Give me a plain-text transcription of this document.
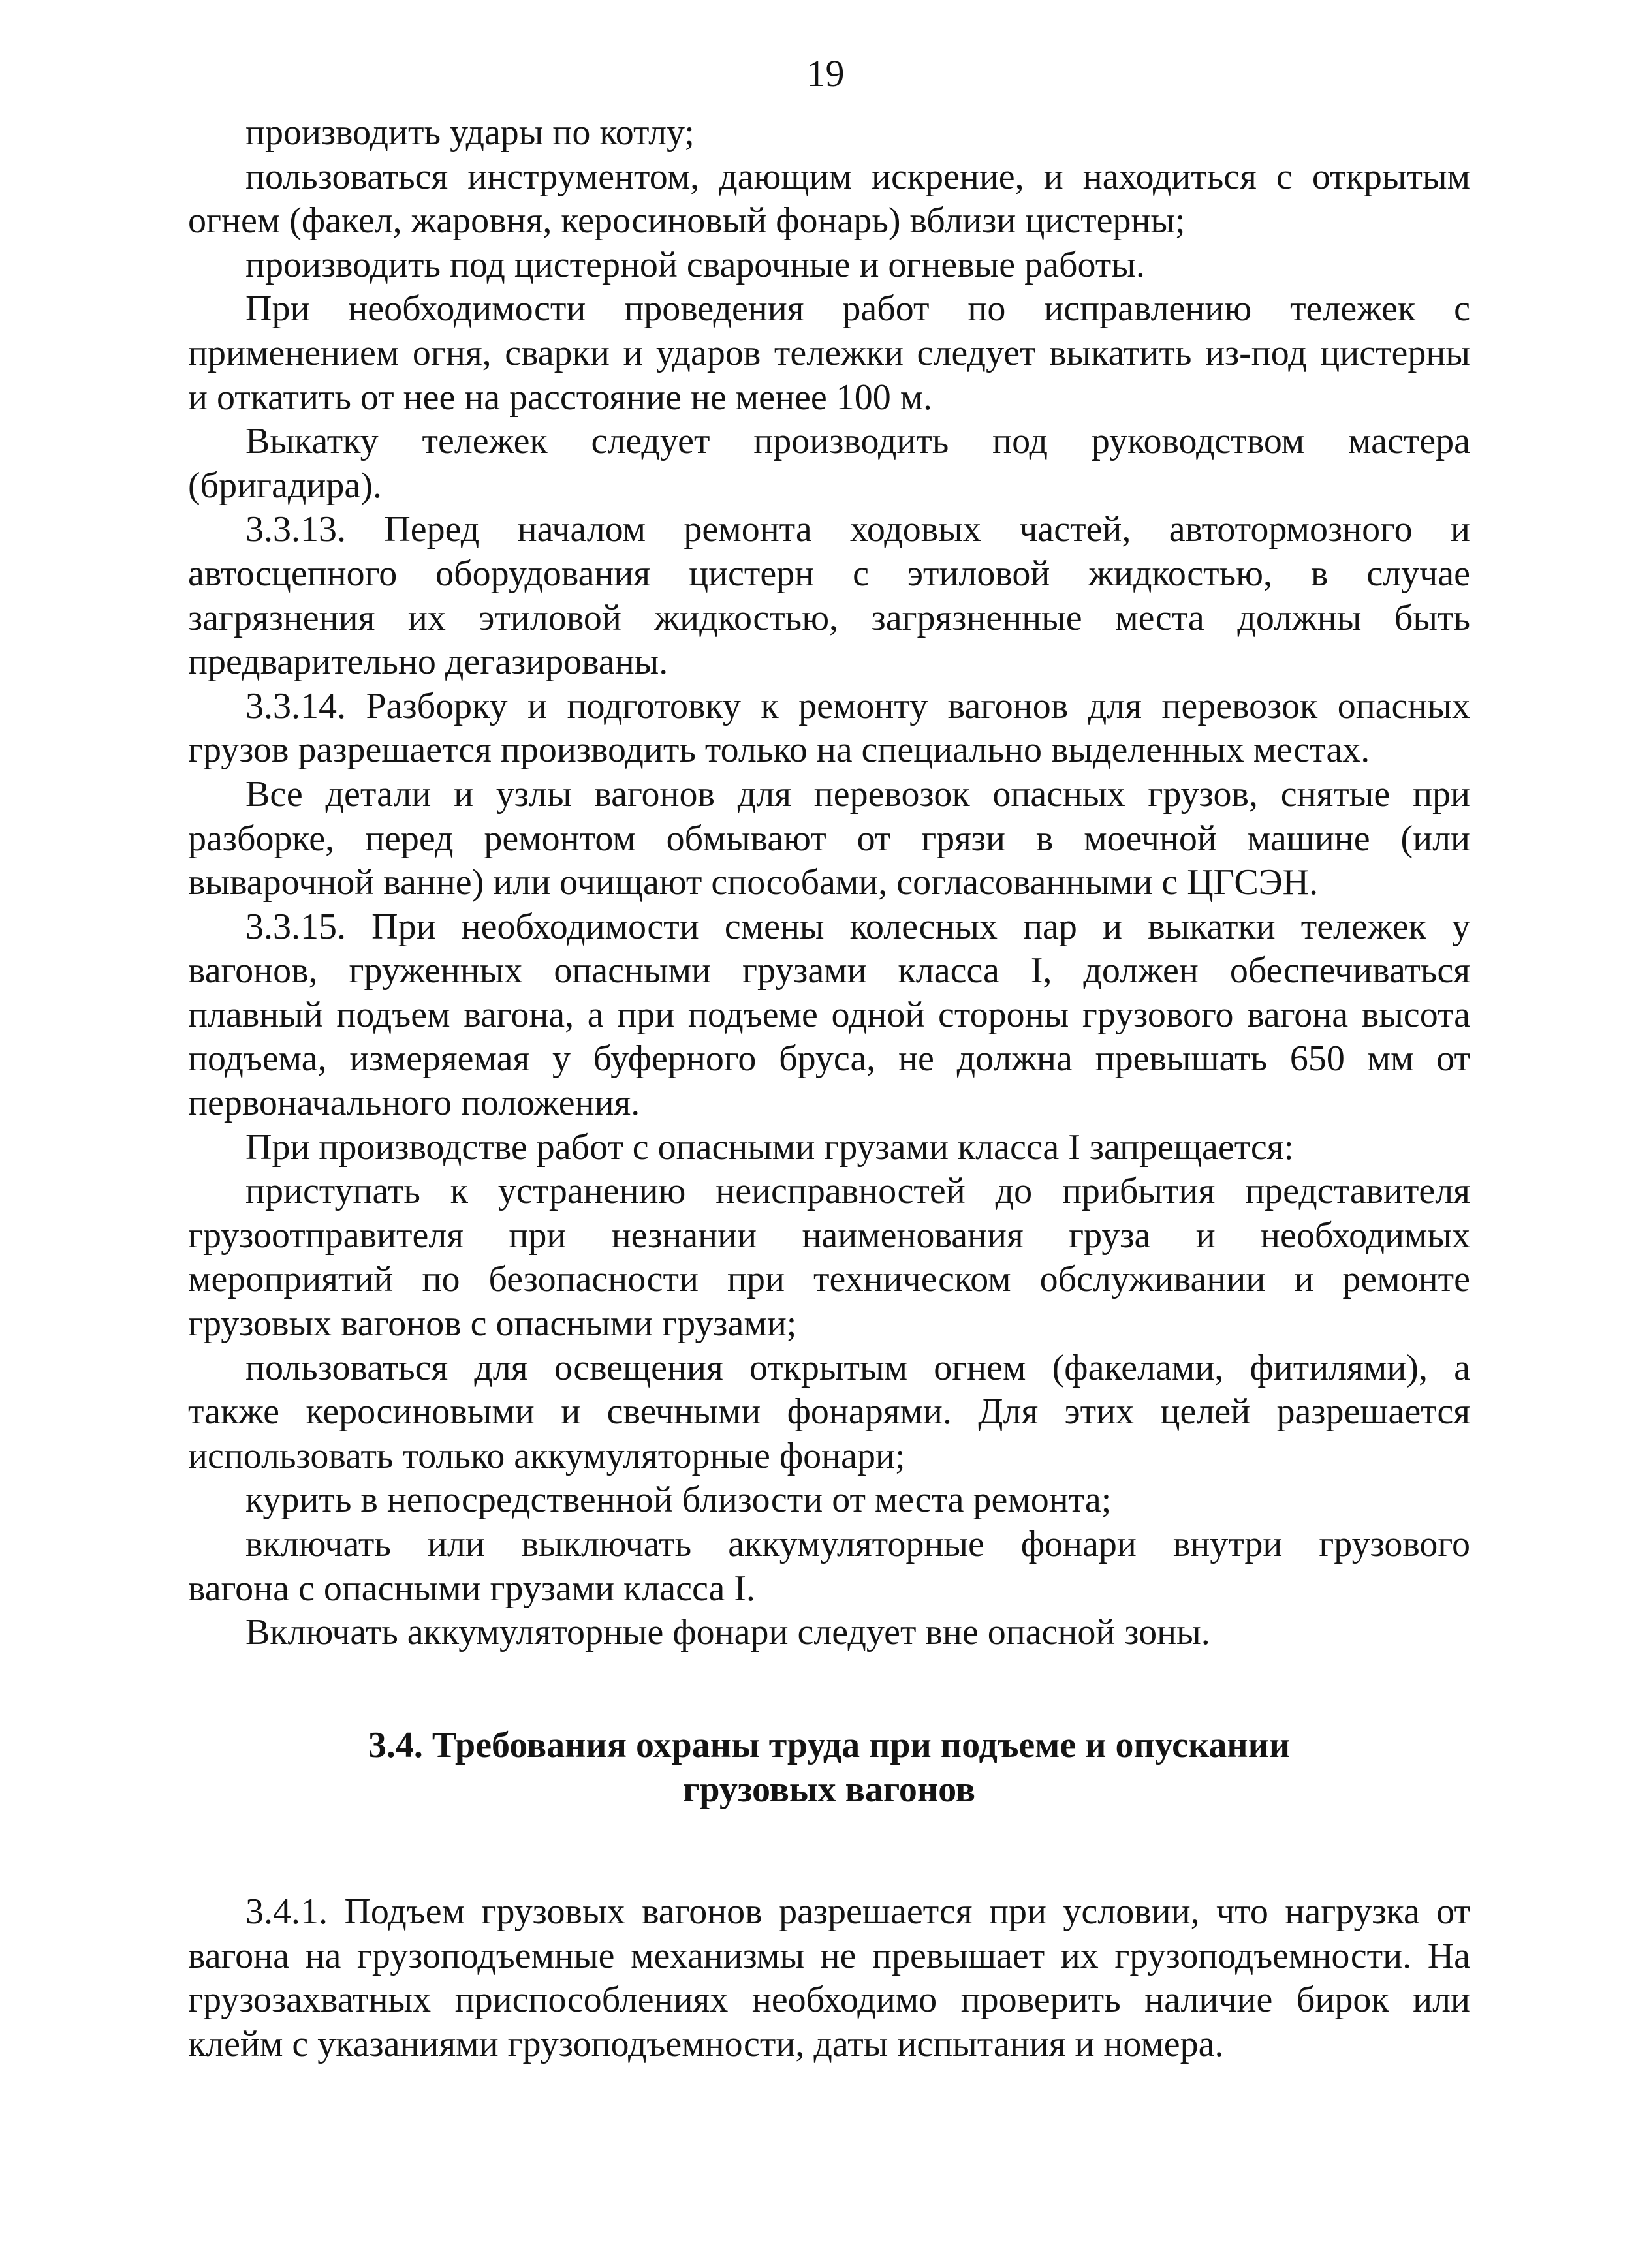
19
производить удары по котлу;
пользоваться инструментом, дающим искрение, и находиться с открытым
огнем (факел, жаровня, керосиновый фонарь) вблизи цистерны;
производить под цистерной сварочные и огневые работы.
При необходимости проведения работ по исправлению тележек с
применением огня, сварки и ударов тележки следует выкатить из-под цистерны
и откатить от нее на расстояние не менее 100 м.
Выкатку тележек следует производить под руководством мастера
(бригадира).
3.3.13. Перед началом ремонта ходовых частей, автотормозного и
автосцепного оборудования цистерн с этиловой жидкостью, в случае
загрязнения их этиловой жидкостью, загрязненные места должны быть
предварительно дегазированы.
3.3.14. Разборку и подготовку к ремонту вагонов для перевозок опасных
грузов разрешается производить только на специально выделенных местах.
Все детали и узлы вагонов для перевозок опасных грузов, снятые при
разборке, перед ремонтом обмывают от грязи в моечной машине (или
выварочной ванне) или очищают способами, согласованными с ЦГСЭН.
3.3.15. При необходимости смены колесных пар и выкатки тележек у
вагонов, груженных опасными грузами класса I, должен обеспечиваться
плавный подъем вагона, а при подъеме одной стороны грузового вагона высота
подъема, измеряемая у буферного бруса, не должна превышать 650 мм от
первоначального положения.
При производстве работ с опасными грузами класса I запрещается:
приступать к устранению неисправностей до прибытия представителя
грузоотправителя при незнании наименования груза и необходимых
мероприятий по безопасности при техническом обслуживании и ремонте
грузовых вагонов с опасными грузами;
пользоваться для освещения открытым огнем (факелами, фитилями), а
также керосиновыми и свечными фонарями. Для этих целей разрешается
использовать только аккумуляторные фонари;
курить в непосредственной близости от места ремонта;
включать или выключать аккумуляторные фонари внутри грузового
вагона с опасными грузами класса I.
Включать аккумуляторные фонари следует вне опасной зоны.
3.4. Требования охраны труда при подъеме и опускании
грузовых вагонов
3.4.1. Подъем грузовых вагонов разрешается при условии, что нагрузка от
вагона на грузоподъемные механизмы не превышает их грузоподъемности. На
грузозахватных приспособлениях необходимо проверить наличие бирок или
клейм с указаниями грузоподъемности, даты испытания и номера.
